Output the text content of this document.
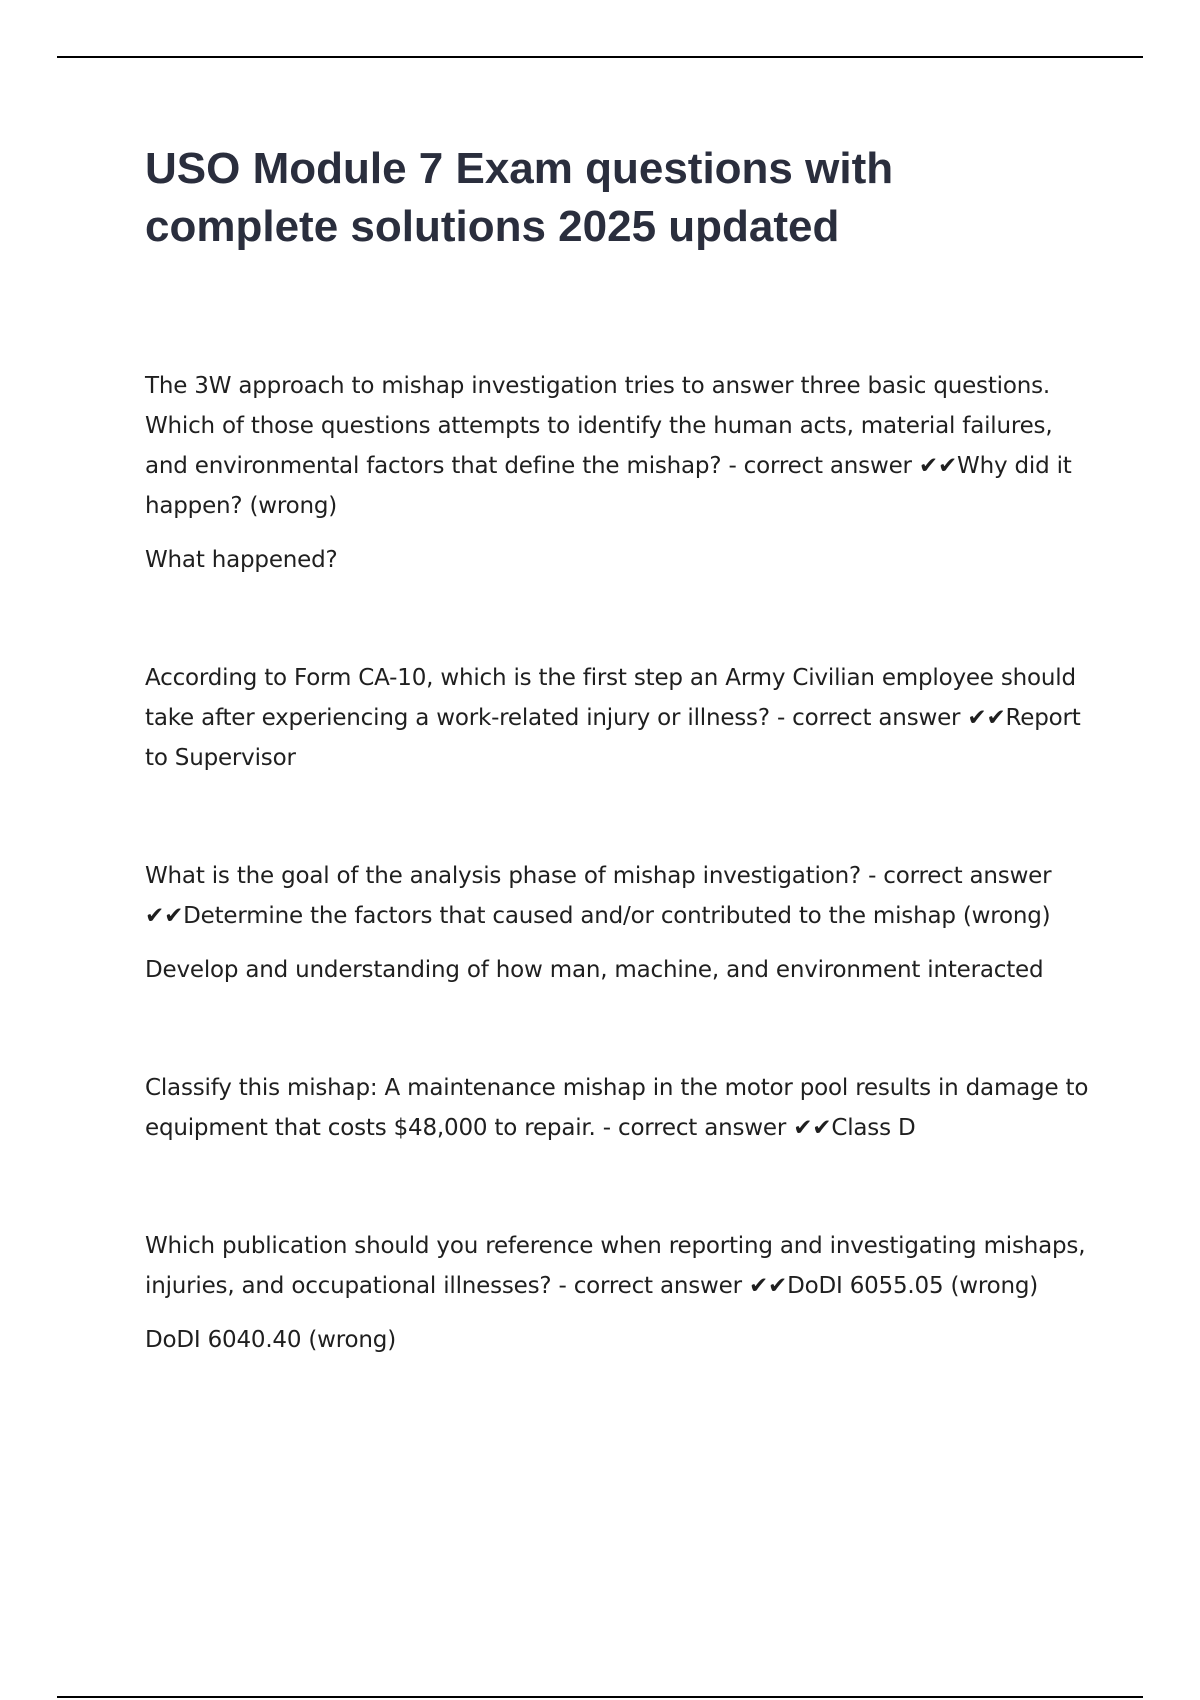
USO Module 7 Exam questions with complete solutions 2025 updated

The 3W approach to mishap investigation tries to answer three basic questions. Which of those questions attempts to identify the human acts, material failures, and environmental factors that define the mishap? - correct answer ✔✔Why did it happen? (wrong)

What happened?

According to Form CA-10, which is the first step an Army Civilian employee should take after experiencing a work-related injury or illness? - correct answer ✔✔Report to Supervisor

What is the goal of the analysis phase of mishap investigation? - correct answer ✔✔Determine the factors that caused and/or contributed to the mishap (wrong)

Develop and understanding of how man, machine, and environment interacted

Classify this mishap: A maintenance mishap in the motor pool results in damage to equipment that costs $48,000 to repair. - correct answer ✔✔Class D

Which publication should you reference when reporting and investigating mishaps, injuries, and occupational illnesses? - correct answer ✔✔DoDI 6055.05 (wrong)

DoDI 6040.40 (wrong)
